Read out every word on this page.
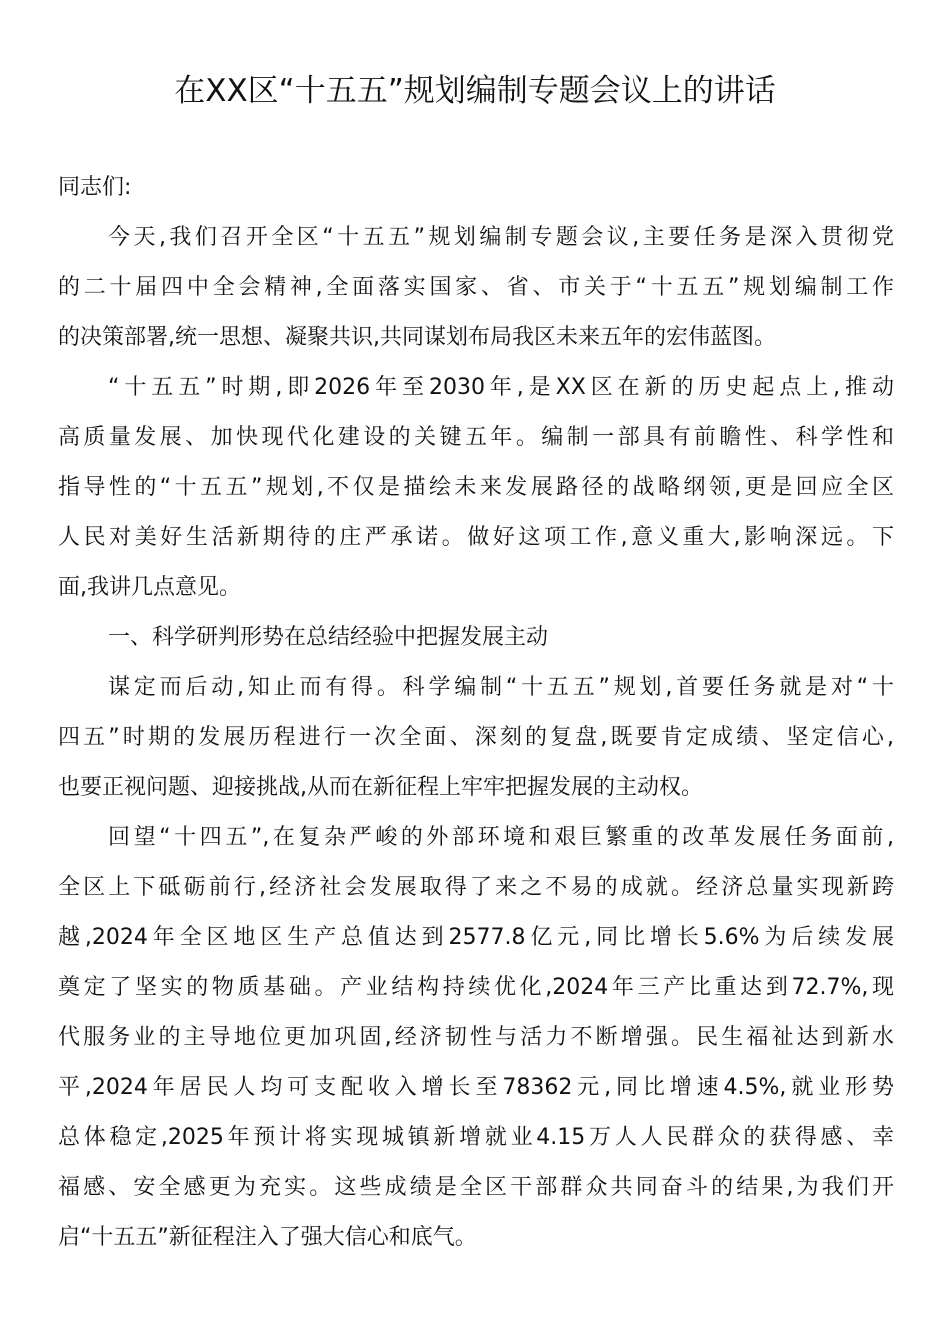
在XX区“十五五”规划编制专题会议上的讲话
同志们:
今天,我们召开全区“十五五”规划编制专题会议,主要任务是深入贯彻党
的二十届四中全会精神,全面落实国家、省、市关于“十五五”规划编制工作
的决策部署,统一思想、凝聚共识,共同谋划布局我区未来五年的宏伟蓝图。
“十五五”时期,即2026年至2030年,是XX区在新的历史起点上,推动
高质量发展、加快现代化建设的关键五年。编制一部具有前瞻性、科学性和
指导性的“十五五”规划,不仅是描绘未来发展路径的战略纲领,更是回应全区
人民对美好生活新期待的庄严承诺。做好这项工作,意义重大,影响深远。下
面,我讲几点意见。
一、科学研判形势在总结经验中把握发展主动
谋定而后动,知止而有得。科学编制“十五五”规划,首要任务就是对“十
四五”时期的发展历程进行一次全面、深刻的复盘,既要肯定成绩、坚定信心,
也要正视问题、迎接挑战,从而在新征程上牢牢把握发展的主动权。
回望“十四五”,在复杂严峻的外部环境和艰巨繁重的改革发展任务面前,
全区上下砥砺前行,经济社会发展取得了来之不易的成就。经济总量实现新跨
越,2024年全区地区生产总值达到2577.8亿元,同比增长5.6%为后续发展
奠定了坚实的物质基础。产业结构持续优化,2024年三产比重达到72.7%,现
代服务业的主导地位更加巩固,经济韧性与活力不断增强。民生福祉达到新水
平,2024年居民人均可支配收入增长至78362元,同比增速4.5%,就业形势
总体稳定,2025年预计将实现城镇新增就业4.15万人人民群众的获得感、幸
福感、安全感更为充实。这些成绩是全区干部群众共同奋斗的结果,为我们开
启“十五五”新征程注入了强大信心和底气。
